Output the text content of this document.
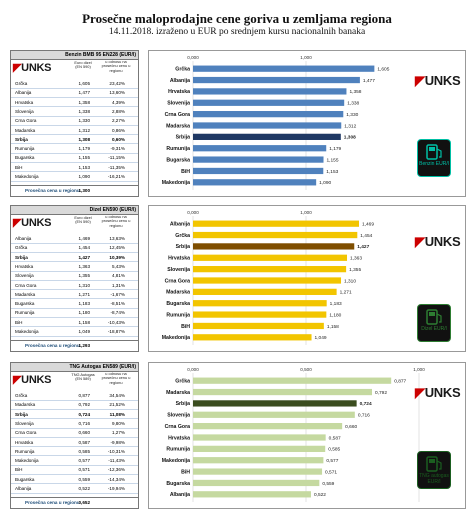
Prosečne maloprodajne cene goriva u zemljama regiona
14.11.2018. izraženo u EUR po srednjem kursu nacionalnih banaka
Benzin BMB 95 EN228 (EUR/l)
◤UNKS	Euro dizel (EN 590)
u odnosu na prosečnu cenu u regionu
Grčka	1,605	23,42%
Albanija	1,477	13,60%
Hrvatska	1,358	4,39%
Slovenija	1,338	2,88%
Crna Gora	1,330	2,27%
Madarska	1,312	0,86%
Srbija	1,308	0,60%
Rumunija	1,179	-9,31%
Bugarska	1,155	-11,15%
BiH	1,153	-11,35%
Makedonija	1,090	-16,21%
Prosečna cena u regionu
1,300
0,000	1,000
Grčka	1,605
Albanija	1,477
Hrvatska	1,358
Slovenija	1,338
Crna Gora	1,330
Madarska	1,312
Srbija	1,308
Rumunija	1,179
Bugarska	1,155
BiH	1,153
Makedonija	1,090
◤UNKS
Benzin EUR/l
Dizel EN590 (EUR/l)
◤UNKS	Euro dizel (EN 590)
u odnosu na prosečnu cenu u regionu
Albanija	1,469	13,63%
Grčka	1,454	12,45%
Srbija	1,427	10,39%
Hrvatska	1,363	5,43%
Slovenija	1,355	4,81%
Crna Gora	1,310	1,31%
Madarska	1,271	-1,67%
Bugarska	1,183	-8,51%
Rumunija	1,180	-8,74%
BiH	1,158	-10,43%
Makedonija	1,049	-18,87%
Prosečna cena u regionu
1,293
0,000	1,000
Albanija	1,469
Grčka	1,454
Srbija	1,427
Hrvatska	1,363
Slovenija	1,355
Crna Gora	1,310
Madarska	1,271
Bugarska	1,183
Rumunija	1,180
BiH	1,158
Makedonija	1,049
◤UNKS
Dizel EUR/l
TNG Autogas EN589 (EUR/l)
◤UNKS	TNG Autogas (EN 589)
u odnosu na prosečnu cenu u regionu
Grčka	0,877	34,54%
Madarska	0,792	21,52%
Srbija	0,724	11,08%
Slovenija	0,716	9,80%
Crna Gora	0,660	1,27%
Hrvatska	0,587	-9,98%
Rumunija	0,585	-10,31%
Makedonija	0,577	-11,43%
BiH	0,571	-12,36%
Bugarska	0,559	-14,34%
Albanija	0,522	-19,94%
Prosečna cena u regionu
0,652
0,000	0,500	1,000
Grčka	0,877
Madarska	0,792
Srbija	0,724
Slovenija	0,716
Crna Gora	0,660
Hrvatska	0,587
Rumunija	0,585
Makedonija	0,577
BiH	0,571
Bugarska	0,559
Albanija	0,522
◤UNKS
TNG autogas EUR/l
